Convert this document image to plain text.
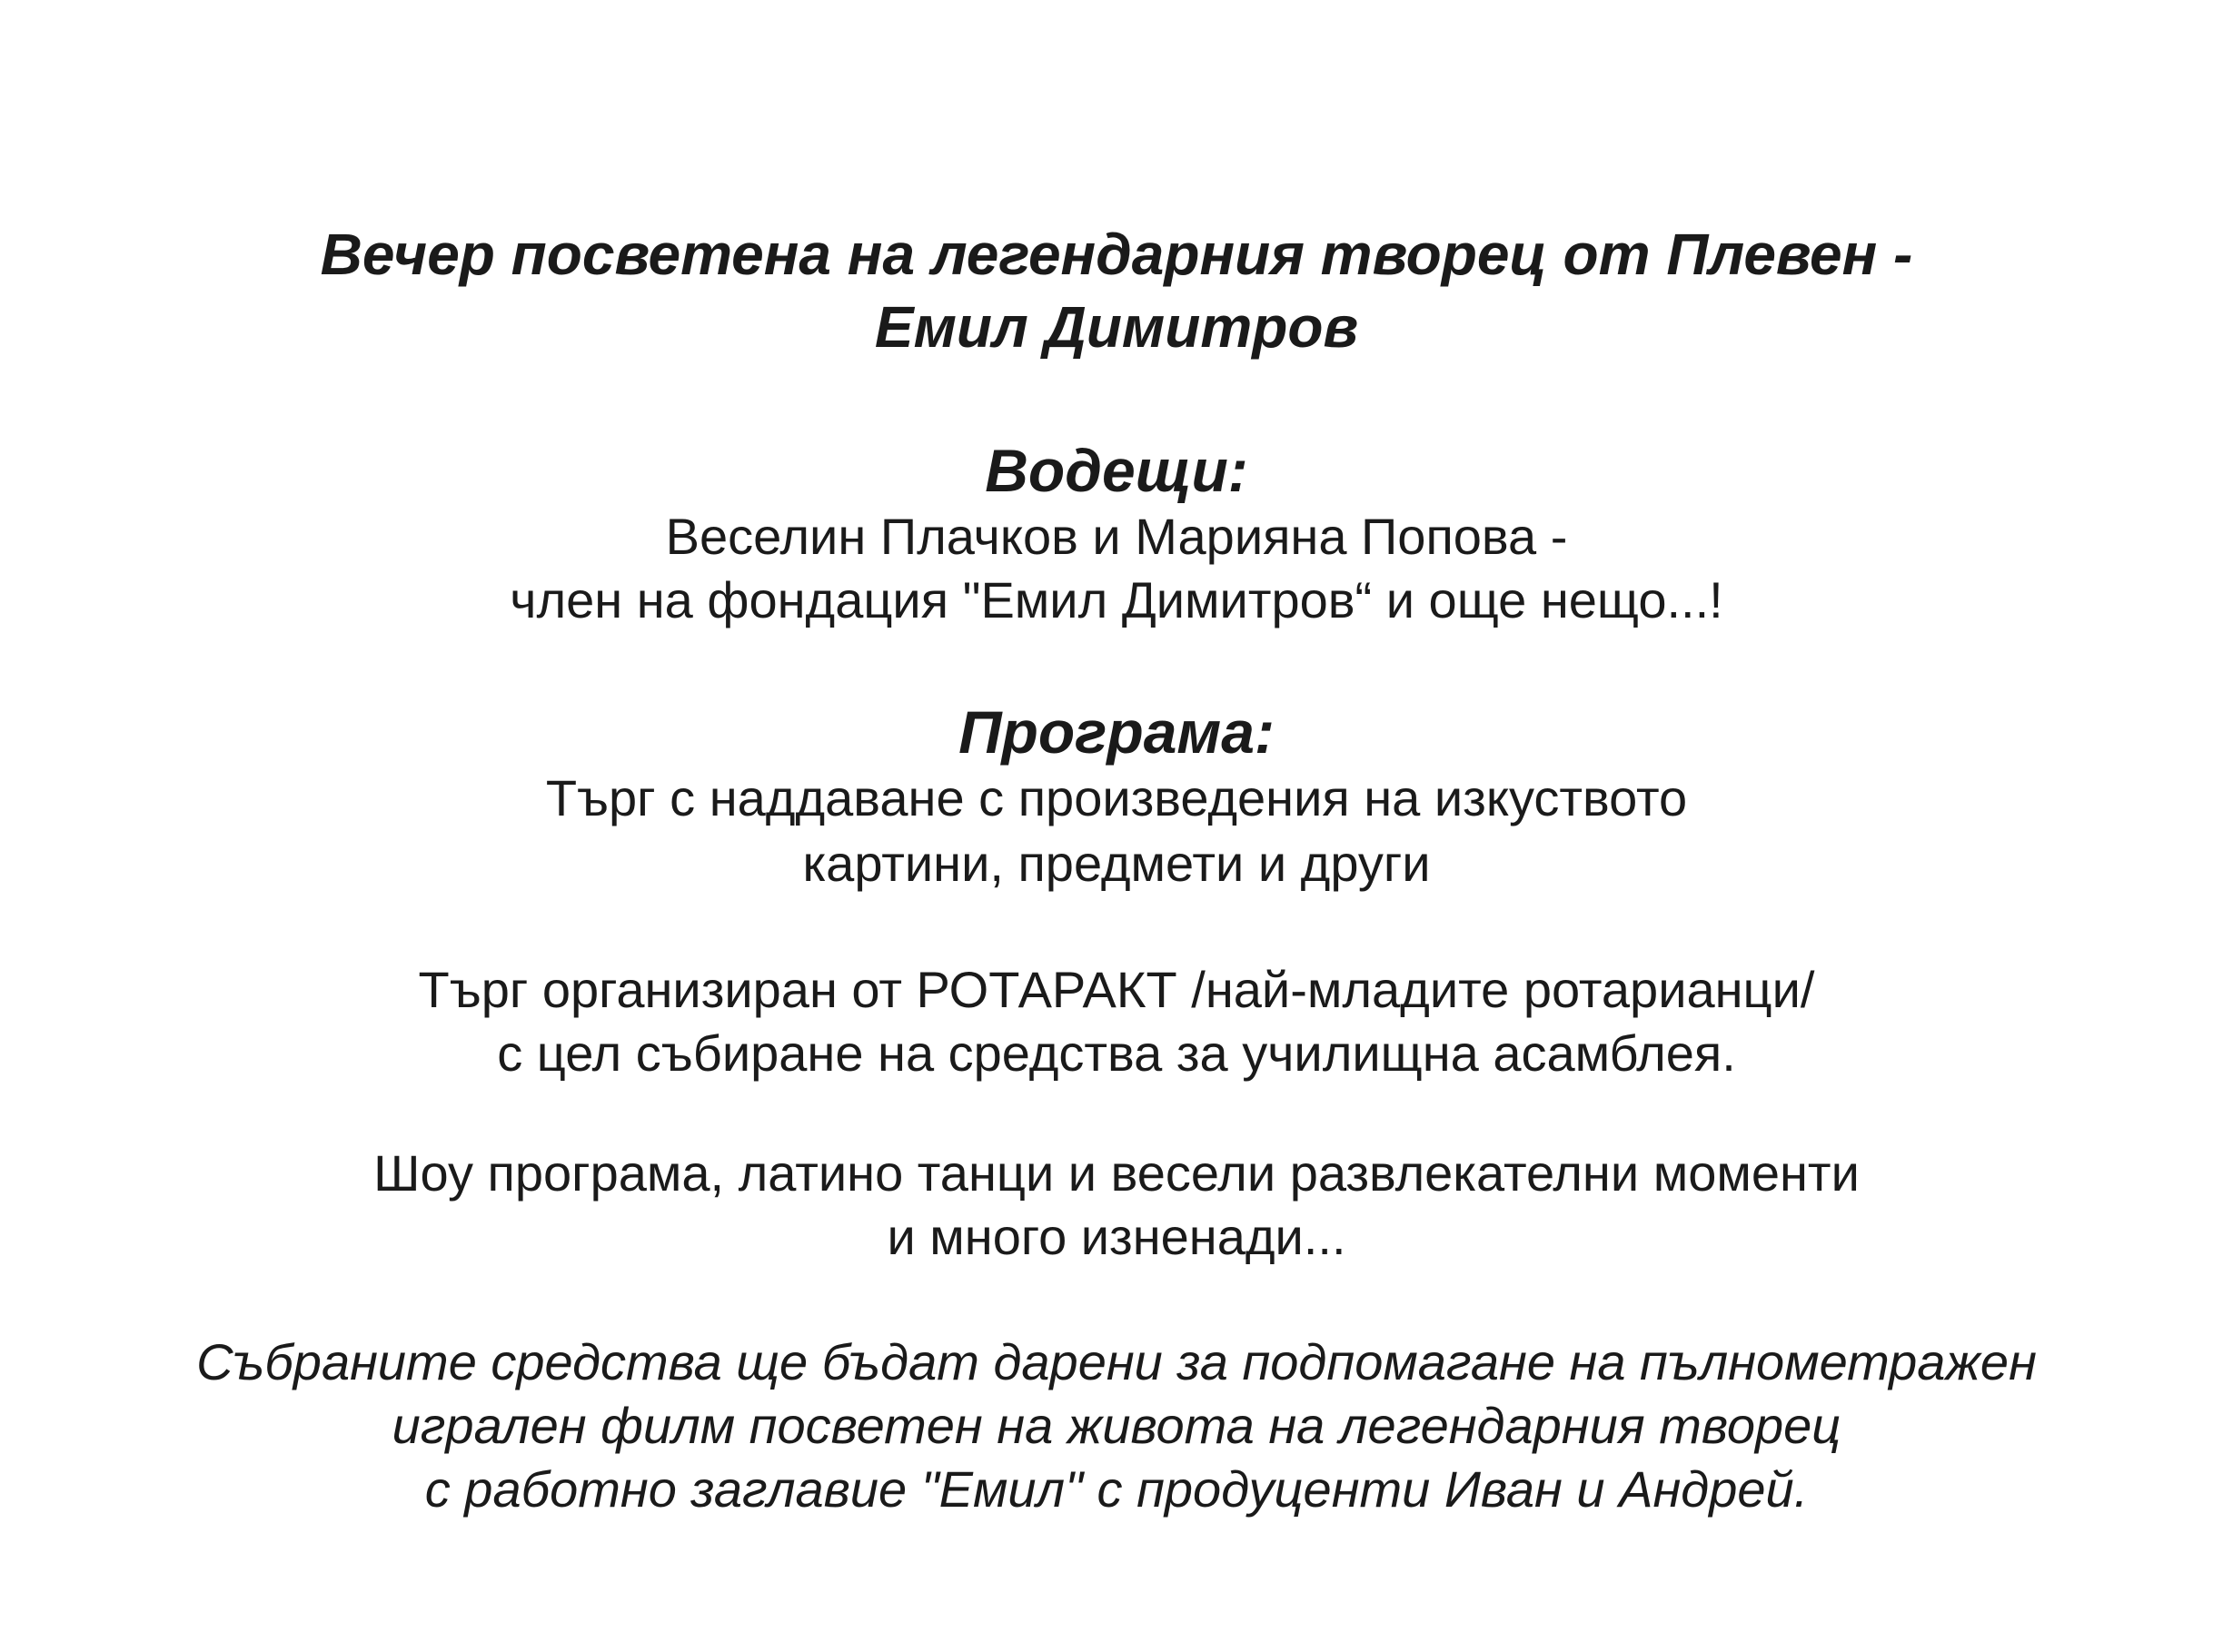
Вечер посветена на легендарния творец от Плевен -
Емил Димитров
Водещи:
Веселин Плачков и Марияна Попова -
член на фондация "Емил Димитров“ и още нещо...!
Програма:
Търг с наддаване с произведения на изкуството
картини, предмети и други
Търг организиран от РОТАРАКТ /най-младите ротарианци/
с цел събиране на средства за училищна асамблея.
Шоу програма, латино танци и весели развлекателни моменти
и много изненади...
Събраните средства ще бъдат дарени за подпомагане на пълнометражен
игрален филм посветен на живота на легендарния творец
с работно заглавие "Емил" с продуценти Иван и Андрей.
